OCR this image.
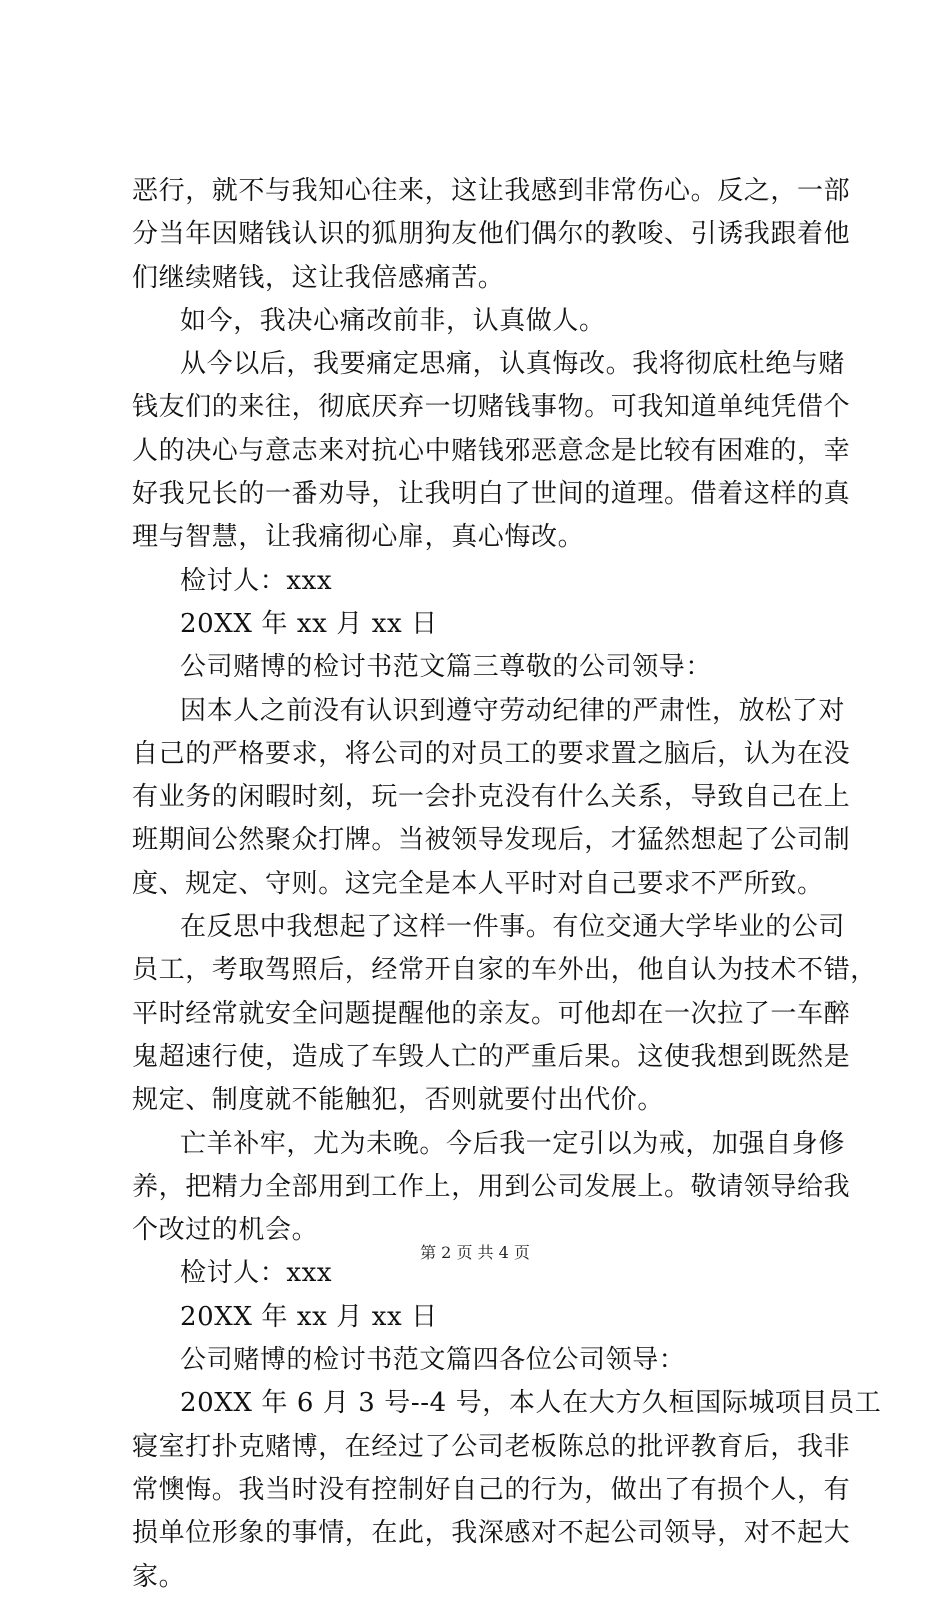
恶行，就不与我知心往来，这让我感到非常伤心。反之，一部
分当年因赌钱认识的狐朋狗友他们偶尔的教唆、引诱我跟着他
们继续赌钱，这让我倍感痛苦。
如今，我决心痛改前非，认真做人。
从今以后，我要痛定思痛，认真悔改。我将彻底杜绝与赌
钱友们的来往，彻底厌弃一切赌钱事物。可我知道单纯凭借个
人的决心与意志来对抗心中赌钱邪恶意念是比较有困难的，幸
好我兄长的一番劝导，让我明白了世间的道理。借着这样的真
理与智慧，让我痛彻心扉，真心悔改。
检讨人：xxx
20XX 年 xx 月 xx 日
公司赌博的检讨书范文篇三尊敬的公司领导：
因本人之前没有认识到遵守劳动纪律的严肃性，放松了对
自己的严格要求，将公司的对员工的要求置之脑后，认为在没
有业务的闲暇时刻，玩一会扑克没有什么关系，导致自己在上
班期间公然聚众打牌。当被领导发现后，才猛然想起了公司制
度、规定、守则。这完全是本人平时对自己要求不严所致。
在反思中我想起了这样一件事。有位交通大学毕业的公司
员工，考取驾照后，经常开自家的车外出，他自认为技术不错，
平时经常就安全问题提醒他的亲友。可他却在一次拉了一车醉
鬼超速行使，造成了车毁人亡的严重后果。这使我想到既然是
规定、制度就不能触犯，否则就要付出代价。
亡羊补牢，尤为未晚。今后我一定引以为戒，加强自身修
养，把精力全部用到工作上，用到公司发展上。敬请领导给我
个改过的机会。
检讨人：xxx
20XX 年 xx 月 xx 日
公司赌博的检讨书范文篇四各位公司领导：
20XX 年 6 月 3 号--4 号，本人在大方久桓国际城项目员工
寝室打扑克赌博，在经过了公司老板陈总的批评教育后，我非
常懊悔。我当时没有控制好自己的行为，做出了有损个人，有
损单位形象的事情，在此，我深感对不起公司领导，对不起大
家。
第 2 页 共 4 页
